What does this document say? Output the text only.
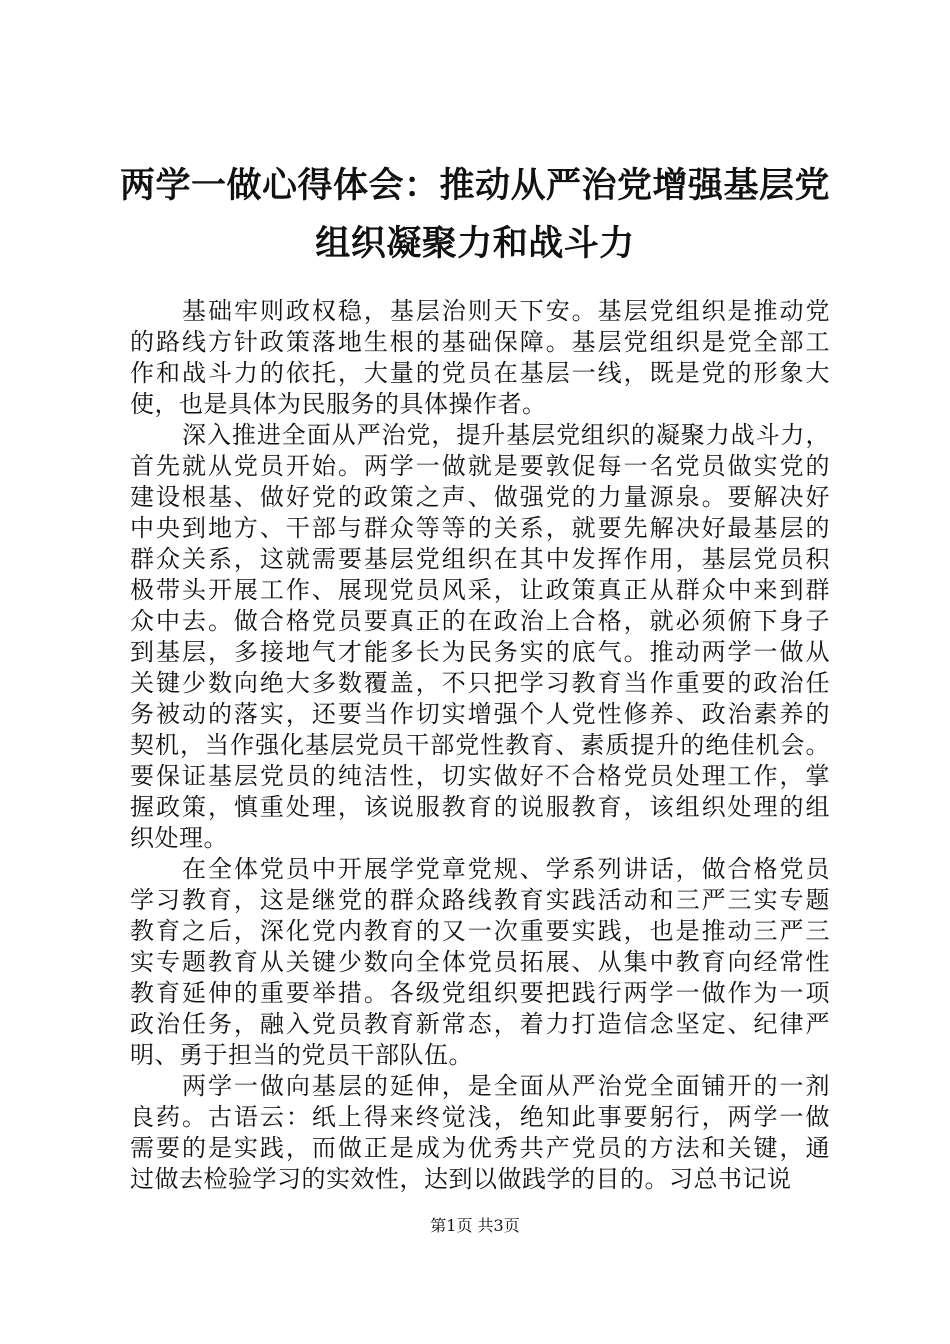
两学一做心得体会：推动从严治党增强基层党
组织凝聚力和战斗力
基础牢则政权稳，基层治则天下安。基层党组织是推动党
的路线方针政策落地生根的基础保障。基层党组织是党全部工
作和战斗力的依托，大量的党员在基层一线，既是党的形象大
使，也是具体为民服务的具体操作者。
深入推进全面从严治党，提升基层党组织的凝聚力战斗力，
首先就从党员开始。两学一做就是要敦促每一名党员做实党的
建设根基、做好党的政策之声、做强党的力量源泉。要解决好
中央到地方、干部与群众等等的关系，就要先解决好最基层的
群众关系，这就需要基层党组织在其中发挥作用，基层党员积
极带头开展工作、展现党员风采，让政策真正从群众中来到群
众中去。做合格党员要真正的在政治上合格，就必须俯下身子
到基层，多接地气才能多长为民务实的底气。推动两学一做从
关键少数向绝大多数覆盖，不只把学习教育当作重要的政治任
务被动的落实，还要当作切实增强个人党性修养、政治素养的
契机，当作强化基层党员干部党性教育、素质提升的绝佳机会。
要保证基层党员的纯洁性，切实做好不合格党员处理工作，掌
握政策，慎重处理，该说服教育的说服教育，该组织处理的组
织处理。
在全体党员中开展学党章党规、学系列讲话，做合格党员
学习教育，这是继党的群众路线教育实践活动和三严三实专题
教育之后，深化党内教育的又一次重要实践，也是推动三严三
实专题教育从关键少数向全体党员拓展、从集中教育向经常性
教育延伸的重要举措。各级党组织要把践行两学一做作为一项
政治任务，融入党员教育新常态，着力打造信念坚定、纪律严
明、勇于担当的党员干部队伍。
两学一做向基层的延伸，是全面从严治党全面铺开的一剂
良药。古语云：纸上得来终觉浅，绝知此事要躬行，两学一做
需要的是实践，而做正是成为优秀共产党员的方法和关键，通
过做去检验学习的实效性，达到以做践学的目的。习总书记说
第1页 共3页
